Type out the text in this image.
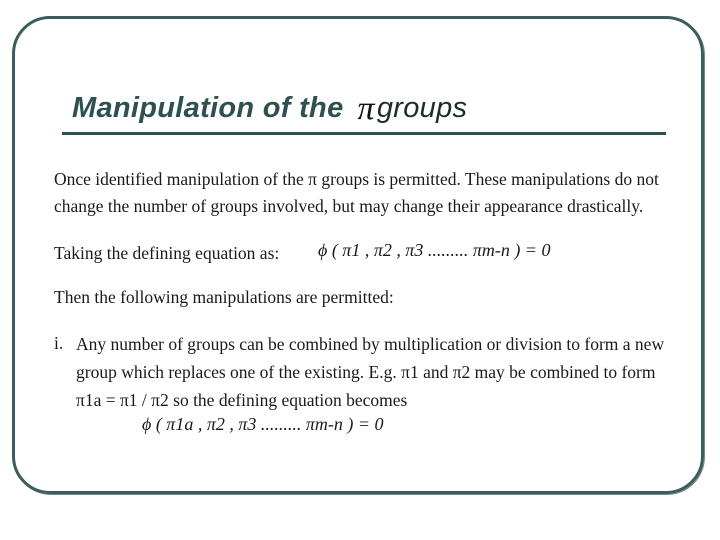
Manipulation of the πgroups
Once identified manipulation of the π groups is permitted. These manipulations do not change the number of groups involved, but may change their appearance drastically.
Taking the defining equation as:	ϕ ( π1 , π2 , π3 ......... πm-n ) = 0
Then the following manipulations are permitted:
i. Any number of groups can be combined by multiplication or division to form a new group which replaces one of the existing. E.g. π1 and π2 may be combined to form π1a = π1 / π2 so the defining equation becomes
ϕ ( π1a , π2 , π3 ......... πm-n ) = 0
